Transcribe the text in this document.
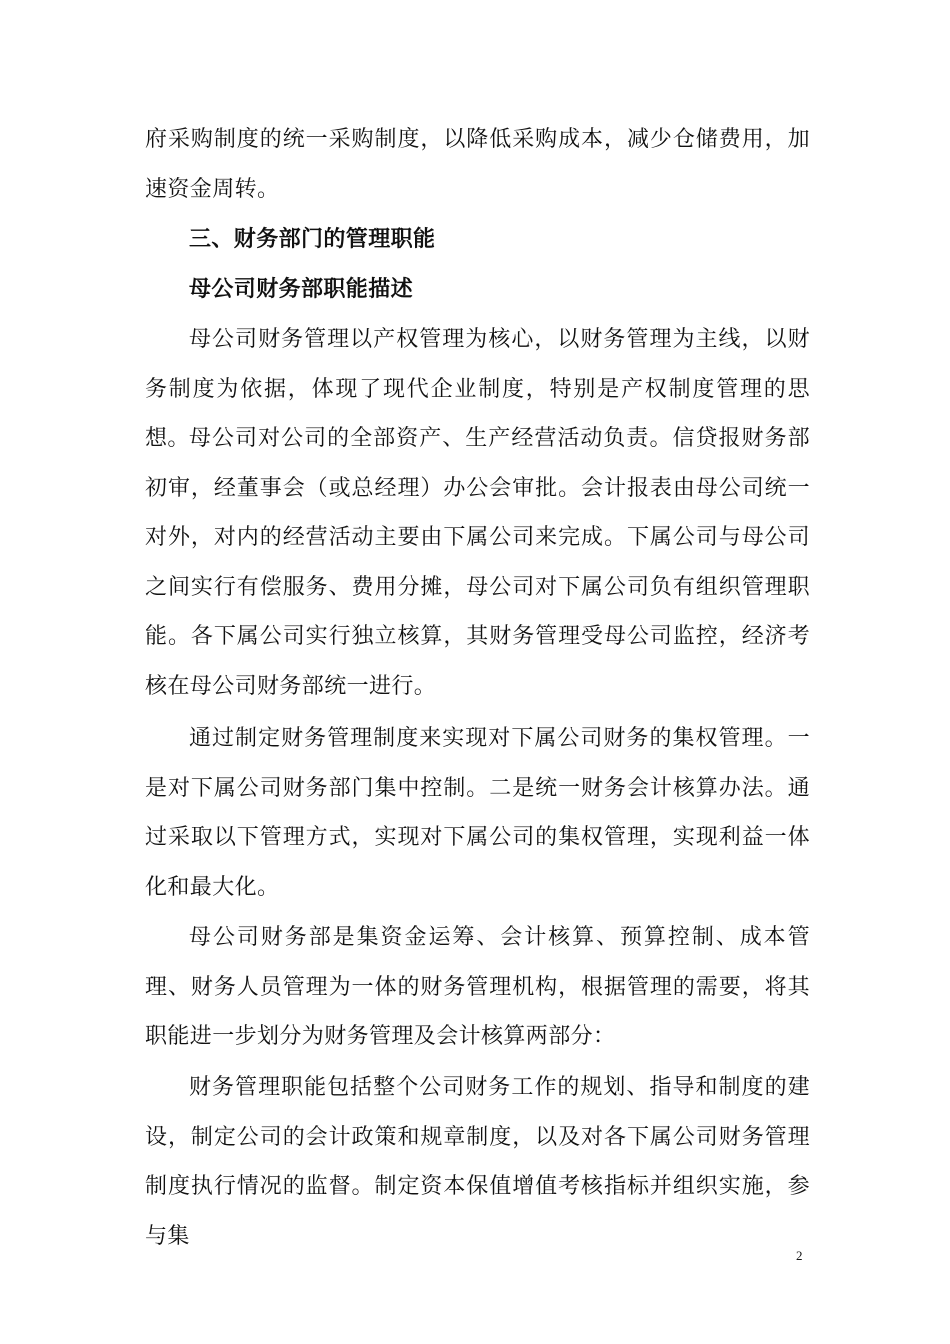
府采购制度的统一采购制度，以降低采购成本，减少仓储费用，加速资金周转。

三、财务部门的管理职能

母公司财务部职能描述

母公司财务管理以产权管理为核心，以财务管理为主线，以财务制度为依据，体现了现代企业制度，特别是产权制度管理的思想。 母公司对公司的全部资产、生产经营活动负责。信贷报财务部初审，经董事会（或总经理）办公会审批。会计报表由母公司统一对外，对内的经营活动主要由下属公司来完成。下属公司与母公司之间实行有偿服务、费用分摊，母公司对下属公司负有组织管理职能。各下属公司实行独立核算，其财务管理受母公司监控，经济考核在母公司财务部统一进行。

通过制定财务管理制度来实现对下属公司财务的集权管理。一是对下属公司财务部门集中控制。二是统一财务会计核算办法。通过采取以下管理方式，实现对下属公司的集权管理，实现利益一体化和最大化。

母公司财务部是集资金运筹、会计核算、预算控制、成本管理、财务人员管理为一体的财务管理机构，根据管理的需要，将其职能进一步划分为财务管理及会计核算两部分：

财务管理职能包括整个公司财务工作的规划、指导和制度的建设，制定公司的会计政策和规章制度，以及对各下属公司财务管理制度执行情况的监督。制定资本保值增值考核指标并组织实施，参与集

2
